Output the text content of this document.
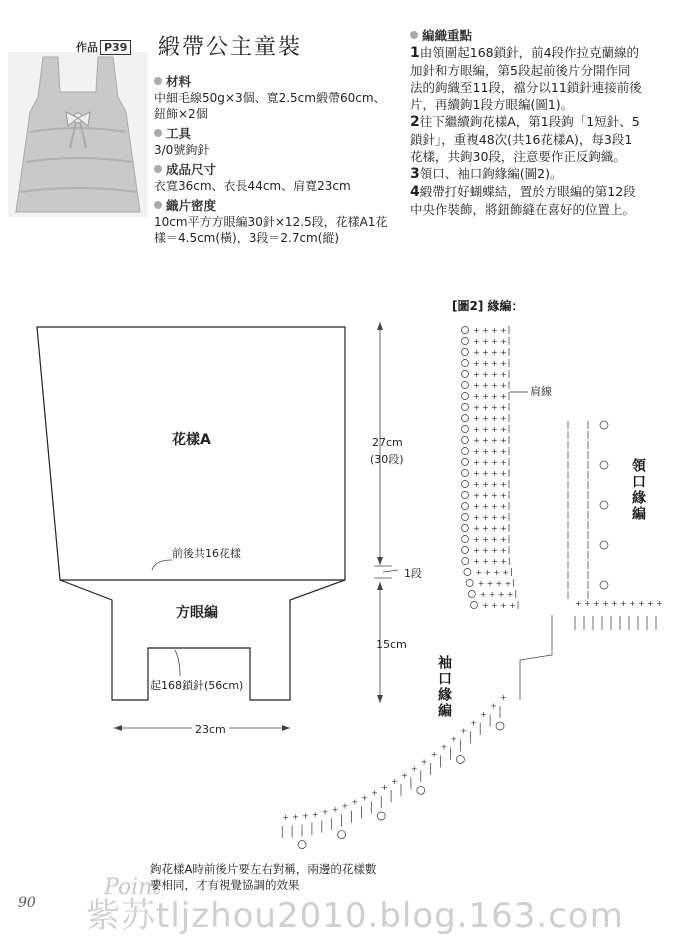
作品 P39 緞帶公主童裝
材料
中細毛線50g×3個、寬2.5cm緞帶60cm、
鈕飾×2個
工具
3/0號鉤針
成品尺寸
衣寬36cm、衣長44cm、肩寬23cm
織片密度
10cm平方方眼編30針×12.5段，花樣A1花
樣＝4.5cm(橫)，3段＝2.7cm(縱)
編織重點
1由領圍起168鎖針，前4段作拉克蘭線的
加針和方眼編，第5段起前後片分開作同
法的鉤織至11段，襠分以11鎖針連接前後
片，再續鉤1段方眼編(圖1)。
2往下繼續鉤花樣A，第1段鉤「1短針、5
鎖針」，重複48次(共16花樣A)，每3段1
花樣，共鉤30段，注意要作正反鉤織。
3領口、袖口鉤緣編(圖2)。
4緞帶打好蝴蝶結，置於方眼編的第12段
中央作裝飾，將鈕飾縫在喜好的位置上。
+ + + +
+ + + +
+ + + +
+ + + +
+ + + +
+ + + +
+ + + +
+ + + +
+ + + +
+ + + +
+ + + +
+ + + +
+ + + +
+ + + +
+ + + +
+ + + +
+ + + +
+ + + +
+ + + +
+ + + +
+ + + +
+ + + +
+ + + +
+ + + +
+ + + +
+ + + +	+ + + + + + + + + +
+
+
+
+
+
+
+
+
+
+
+
+
+
+
+
+
+
+
+
+
+
+
+
花樣A
方眼編
前後共16花樣
起168鎖針(56cm)
27cm
(30段)
1段
15cm
23cm
[圖2] 緣編：
肩線
領口緣編
袖口緣編
Point
鉤花樣A時前後片要左右對稱，兩邊的花樣數
要相同，才有視覺協調的效果
90 紫苏tljzhou2010.blog.163.com
